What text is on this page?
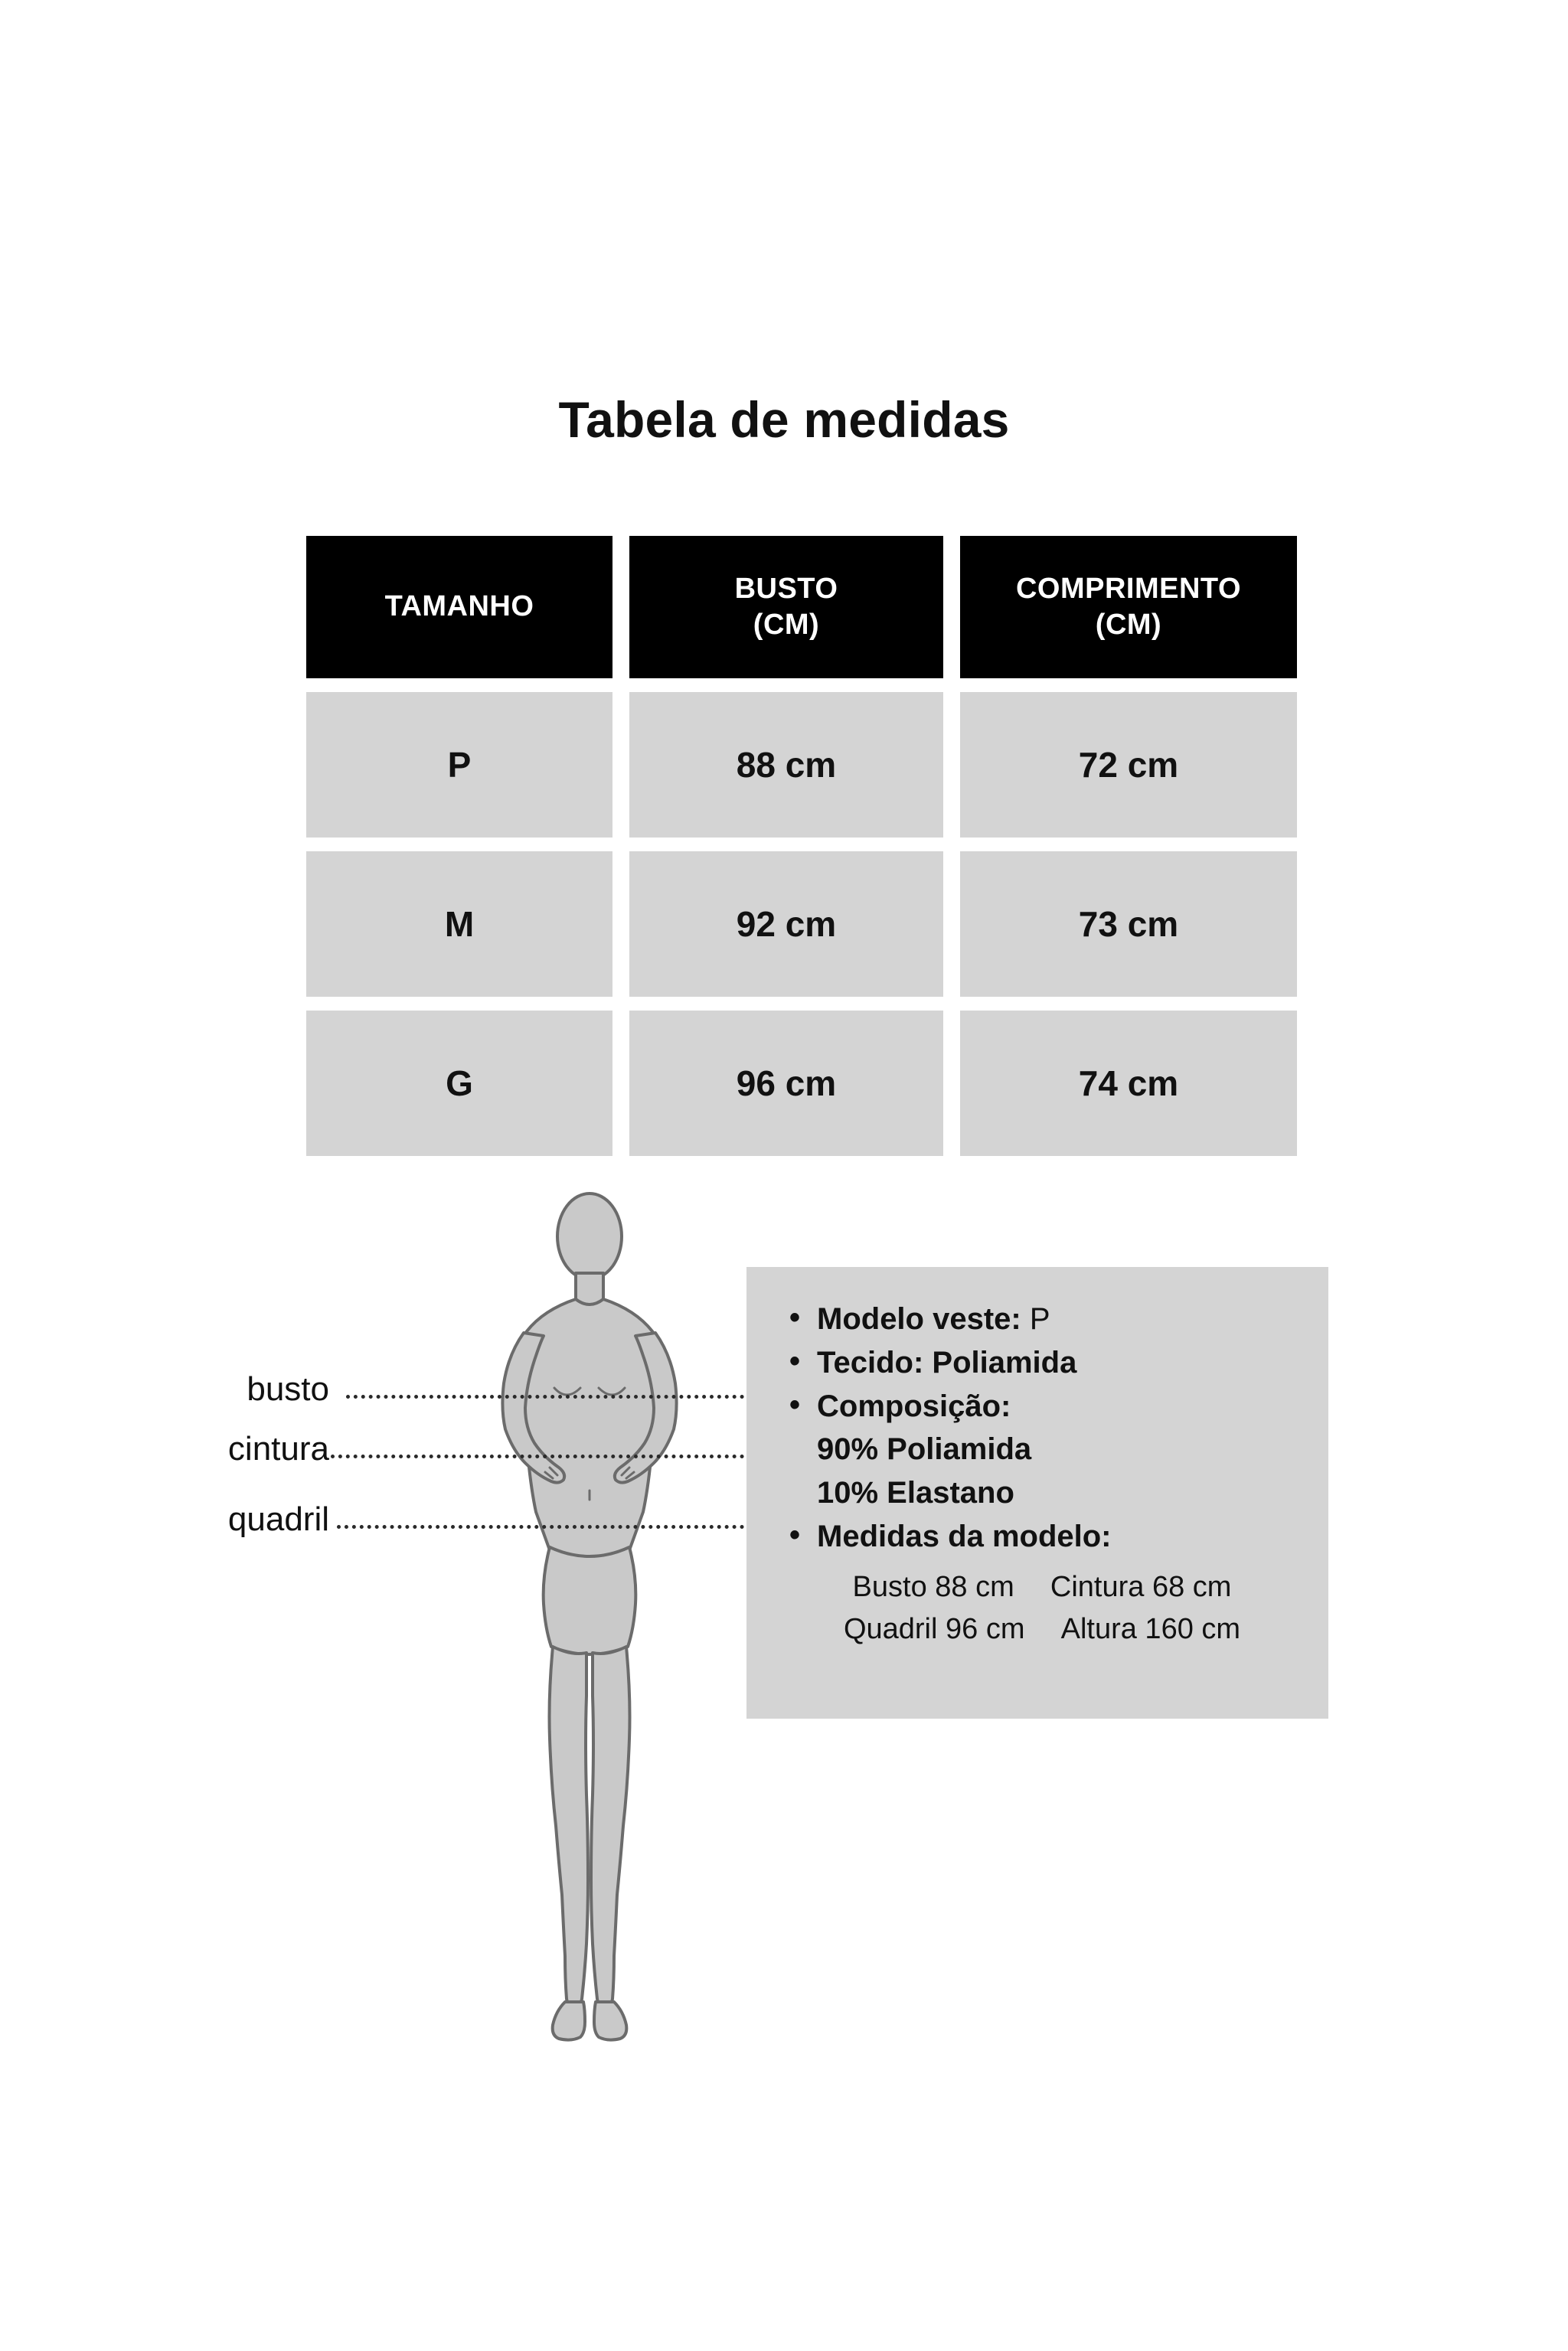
Tabela de medidas
TAMANHO

BUSTO
(CM)

COMPRIMENTO
(CM)

P	88 cm	72 cm
M	92 cm	73 cm
G	96 cm	74 cm
busto
cintura
quadril
• Modelo veste: P
• Tecido: Poliamida
• Composição:
90% Poliamida
10% Elastano
• Medidas da modelo:
Busto 88 cm Cintura 68 cm
Quadril 96 cm Altura 160 cm
